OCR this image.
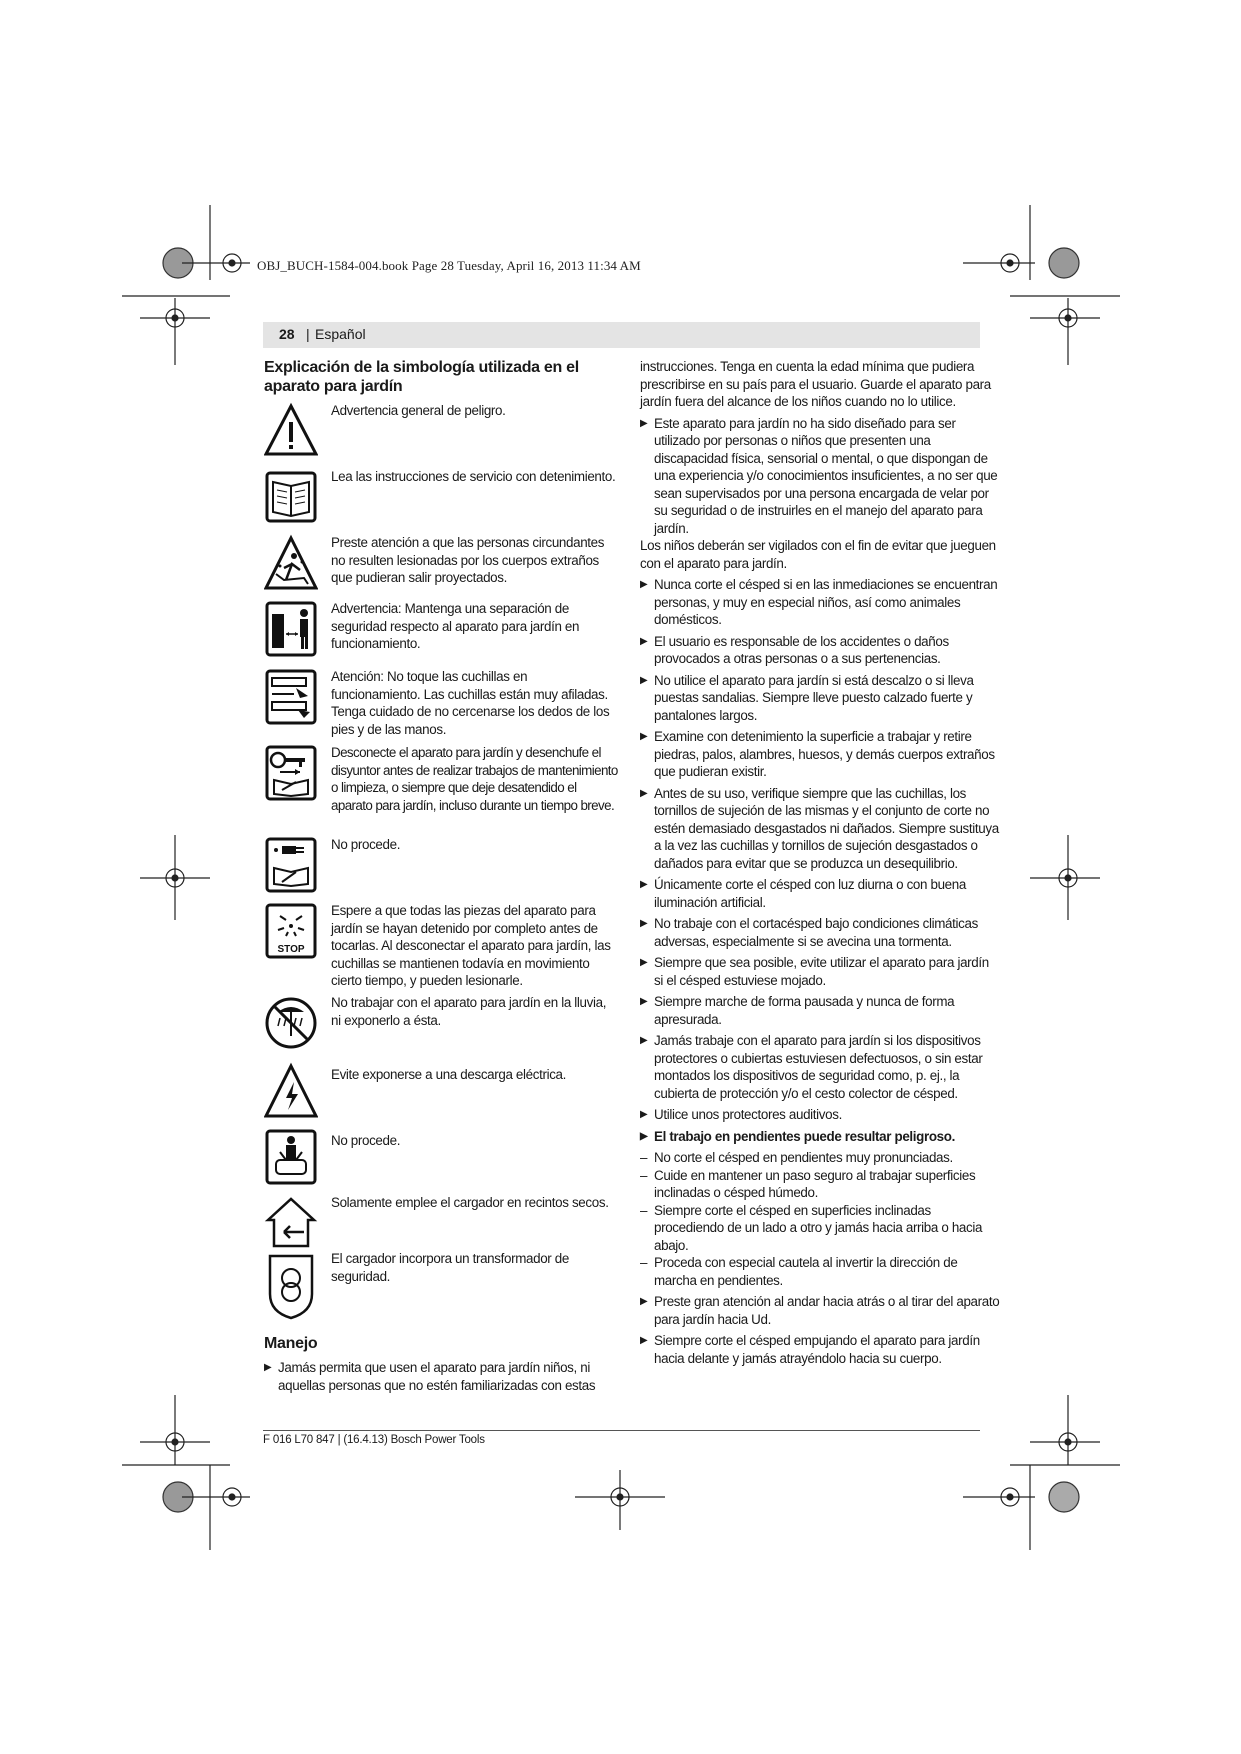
OBJ_BUCH-1584-004.book Page 28 Tuesday, April 16, 2013 11:34 AM
28 | Español
Explicación de la simbología utilizada en el aparato para jardín
Advertencia general de peligro.
Lea las instrucciones de servicio con detenimiento.
Preste atención a que las personas circundantes no resulten lesionadas por los cuerpos extraños que pudieran salir proyectados.
Advertencia: Mantenga una separación de seguridad respecto al aparato para jardín en funcionamiento.
Atención: No toque las cuchillas en funcionamiento. Las cuchillas están muy afiladas. Tenga cuidado de no cercenarse los dedos de los pies y de las manos.
Desconecte el aparato para jardín y desenchufe el disyuntor antes de realizar trabajos de mantenimiento o limpieza, o siempre que deje desatendido el aparato para jardín, incluso durante un tiempo breve.
No procede.
STOP
Espere a que todas las piezas del aparato para jardín se hayan detenido por completo antes de tocarlas. Al desconectar el aparato para jardín, las cuchillas se mantienen todavía en movimiento cierto tiempo, y pueden lesionarle.
No trabajar con el aparato para jardín en la lluvia, ni exponerlo a ésta.
Evite exponerse a una descarga eléctrica.
No procede.
Solamente emplee el cargador en recintos secos.
El cargador incorpora un transformador de seguridad.
Manejo
▶ Jamás permita que usen el aparato para jardín niños, ni aquellas personas que no estén familiarizadas con estas

instrucciones. Tenga en cuenta la edad mínima que pudiera prescribirse en su país para el usuario. Guarde el aparato para jardín fuera del alcance de los niños cuando no lo utilice.

▶ Este aparato para jardín no ha sido diseñado para ser utilizado por personas o niños que presenten una discapacidad física, sensorial o mental, o que dispongan de una experiencia y/o conocimientos insuficientes, a no ser que sean supervisados por una persona encargada de velar por su seguridad o de instruirles en el manejo del aparato para jardín.
Los niños deberán ser vigilados con el fin de evitar que jueguen con el aparato para jardín.
▶ Nunca corte el césped si en las inmediaciones se encuentran personas, y muy en especial niños, así como animales domésticos.
▶ El usuario es responsable de los accidentes o daños provocados a otras personas o a sus pertenencias.
▶ No utilice el aparato para jardín si está descalzo o si lleva puestas sandalias. Siempre lleve puesto calzado fuerte y pantalones largos.
▶ Examine con detenimiento la superficie a trabajar y retire piedras, palos, alambres, huesos, y demás cuerpos extraños que pudieran existir.
▶ Antes de su uso, verifique siempre que las cuchillas, los tornillos de sujeción de las mismas y el conjunto de corte no estén demasiado desgastados ni dañados. Siempre sustituya a la vez las cuchillas y tornillos de sujeción desgastados o dañados para evitar que se produzca un desequilibrio.
▶ Únicamente corte el césped con luz diurna o con buena iluminación artificial.
▶ No trabaje con el cortacésped bajo condiciones climáticas adversas, especialmente si se avecina una tormenta.
▶ Siempre que sea posible, evite utilizar el aparato para jardín si el césped estuviese mojado.
▶ Siempre marche de forma pausada y nunca de forma apresurada.
▶ Jamás trabaje con el aparato para jardín si los dispositivos protectores o cubiertas estuviesen defectuosos, o sin estar montados los dispositivos de seguridad como, p. ej., la cubierta de protección y/o el cesto colector de césped.
▶ Utilice unos protectores auditivos.
▶ El trabajo en pendientes puede resultar peligroso.
– No corte el césped en pendientes muy pronunciadas.
– Cuide en mantener un paso seguro al trabajar superficies inclinadas o césped húmedo.
– Siempre corte el césped en superficies inclinadas procediendo de un lado a otro y jamás hacia arriba o hacia abajo.
– Proceda con especial cautela al invertir la dirección de marcha en pendientes.
▶ Preste gran atención al andar hacia atrás o al tirar del aparato para jardín hacia Ud.
▶ Siempre corte el césped empujando el aparato para jardín hacia delante y jamás atrayéndolo hacia su cuerpo.
F 016 L70 847 | (16.4.13) Bosch Power Tools
